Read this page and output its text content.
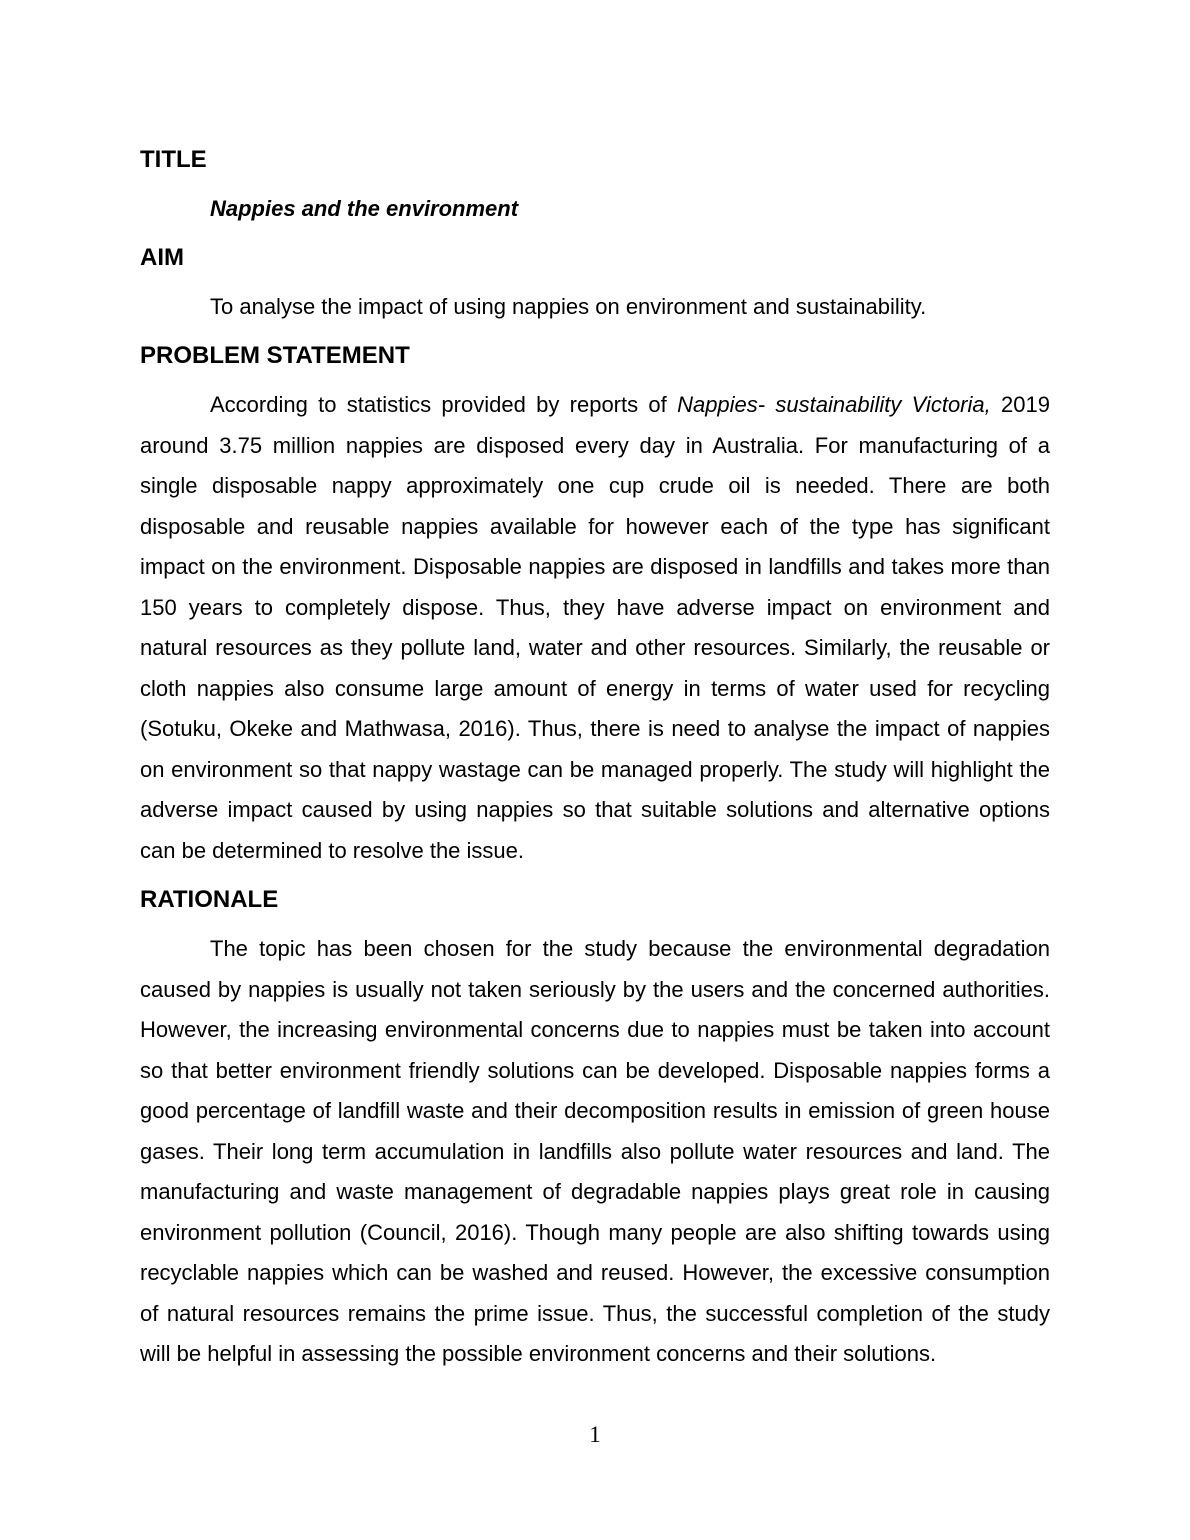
TITLE

Nappies and the environment

AIM

To analyse the impact of using nappies on environment and sustainability.

PROBLEM STATEMENT

According to statistics provided by reports of Nappies- sustainability Victoria, 2019 around 3.75 million nappies are disposed every day in Australia. For manufacturing of a single disposable nappy approximately one cup crude oil is needed. There are both disposable and reusable nappies available for however each of the type has significant impact on the environment. Disposable nappies are disposed in landfills and takes more than 150 years to completely dispose. Thus, they have adverse impact on environment and natural resources as they pollute land, water and other resources. Similarly, the reusable or cloth nappies also consume large amount of energy in terms of water used for recycling (Sotuku, Okeke and Mathwasa, 2016). Thus, there is need to analyse the impact of nappies on environment so that nappy wastage can be managed properly. The study will highlight the adverse impact caused by using nappies so that suitable solutions and alternative options can be determined to resolve the issue.

RATIONALE

The topic has been chosen for the study because the environmental degradation caused by nappies is usually not taken seriously by the users and the concerned authorities. However, the increasing environmental concerns due to nappies must be taken into account so that better environment friendly solutions can be developed. Disposable nappies forms a good percentage of landfill waste and their decomposition results in emission of green house gases. Their long term accumulation in landfills also pollute water resources and land. The manufacturing and waste management of degradable nappies plays great role in causing environment pollution (Council, 2016). Though many people are also shifting towards using recyclable nappies which can be washed and reused. However, the excessive consumption of natural resources remains the prime issue. Thus, the successful completion of the study will be helpful in assessing the possible environment concerns and their solutions.

1
